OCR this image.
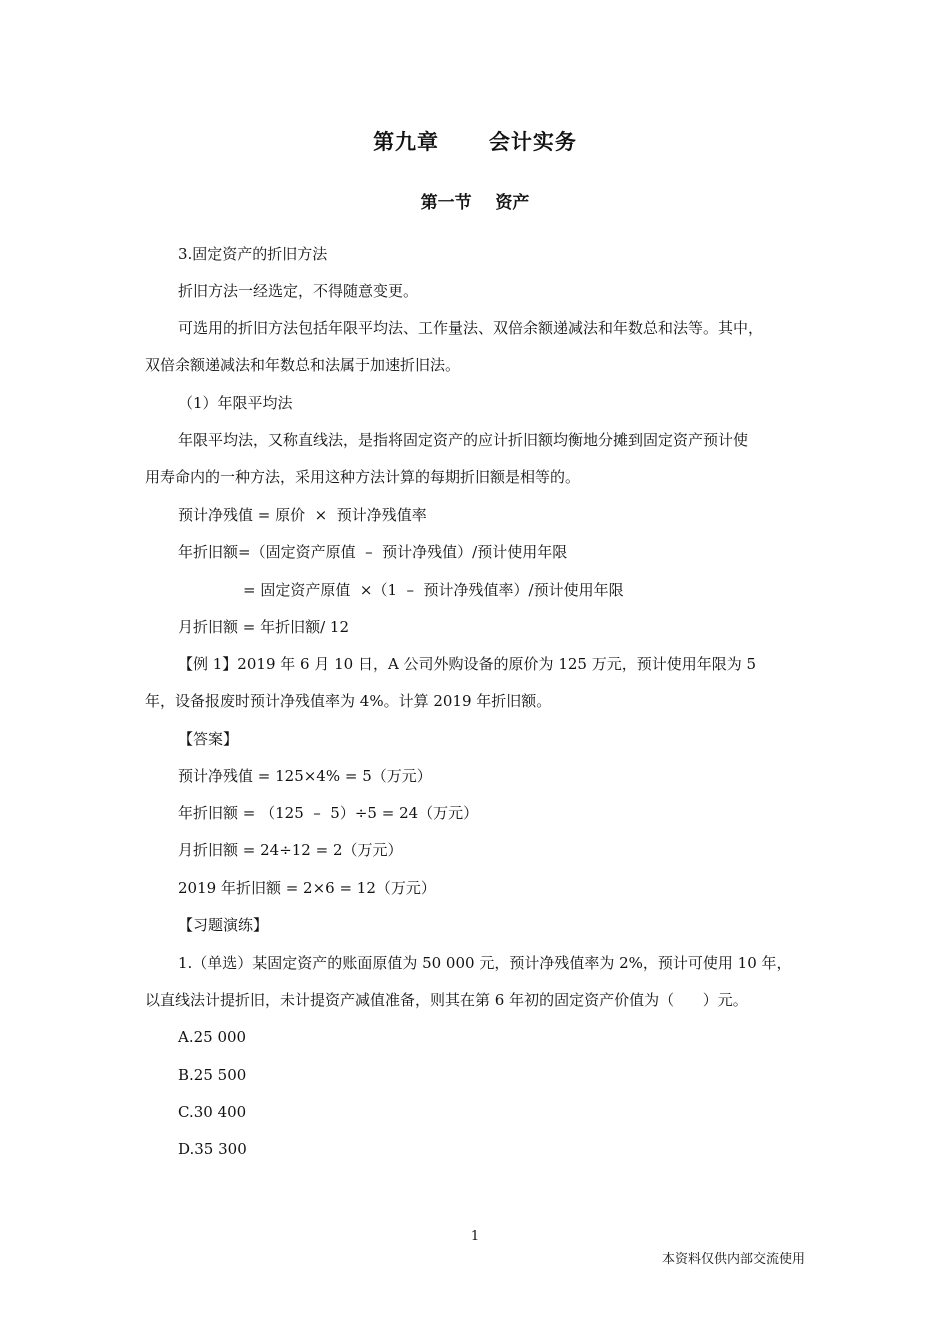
第九章      会计实务
第一节    资产
3.固定资产的折旧方法
折旧方法一经选定，不得随意变更。
可选用的折旧方法包括年限平均法、工作量法、双倍余额递减法和年数总和法等。其中，
双倍余额递减法和年数总和法属于加速折旧法。
（1）年限平均法
年限平均法，又称直线法，是指将固定资产的应计折旧额均衡地分摊到固定资产预计使
用寿命内的一种方法，采用这种方法计算的每期折旧额是相等的。
预计净残值 = 原价  ×  预计净残值率
年折旧额=（固定资产原值  –  预计净残值）/预计使用年限
= 固定资产原值  ×（1  –  预计净残值率）/预计使用年限
月折旧额 = 年折旧额/ 12
【例 1】2019 年 6 月 10 日，A 公司外购设备的原价为 125 万元，预计使用年限为 5
年，设备报废时预计净残值率为 4%。计算 2019 年折旧额。
【答案】
预计净残值 = 125×4% = 5（万元）
年折旧额 = （125  –  5）÷5 = 24（万元）
月折旧额 = 24÷12 = 2（万元）
2019 年折旧额 = 2×6 = 12（万元）
【习题演练】
1.（单选）某固定资产的账面原值为 50 000 元，预计净残值率为 2%，预计可使用 10 年，
以直线法计提折旧，未计提资产减值准备，则其在第 6 年初的固定资产价值为（      ）元。
A.25 000
B.25 500
C.30 400
D.35 300
1
本资料仅供内部交流使用
